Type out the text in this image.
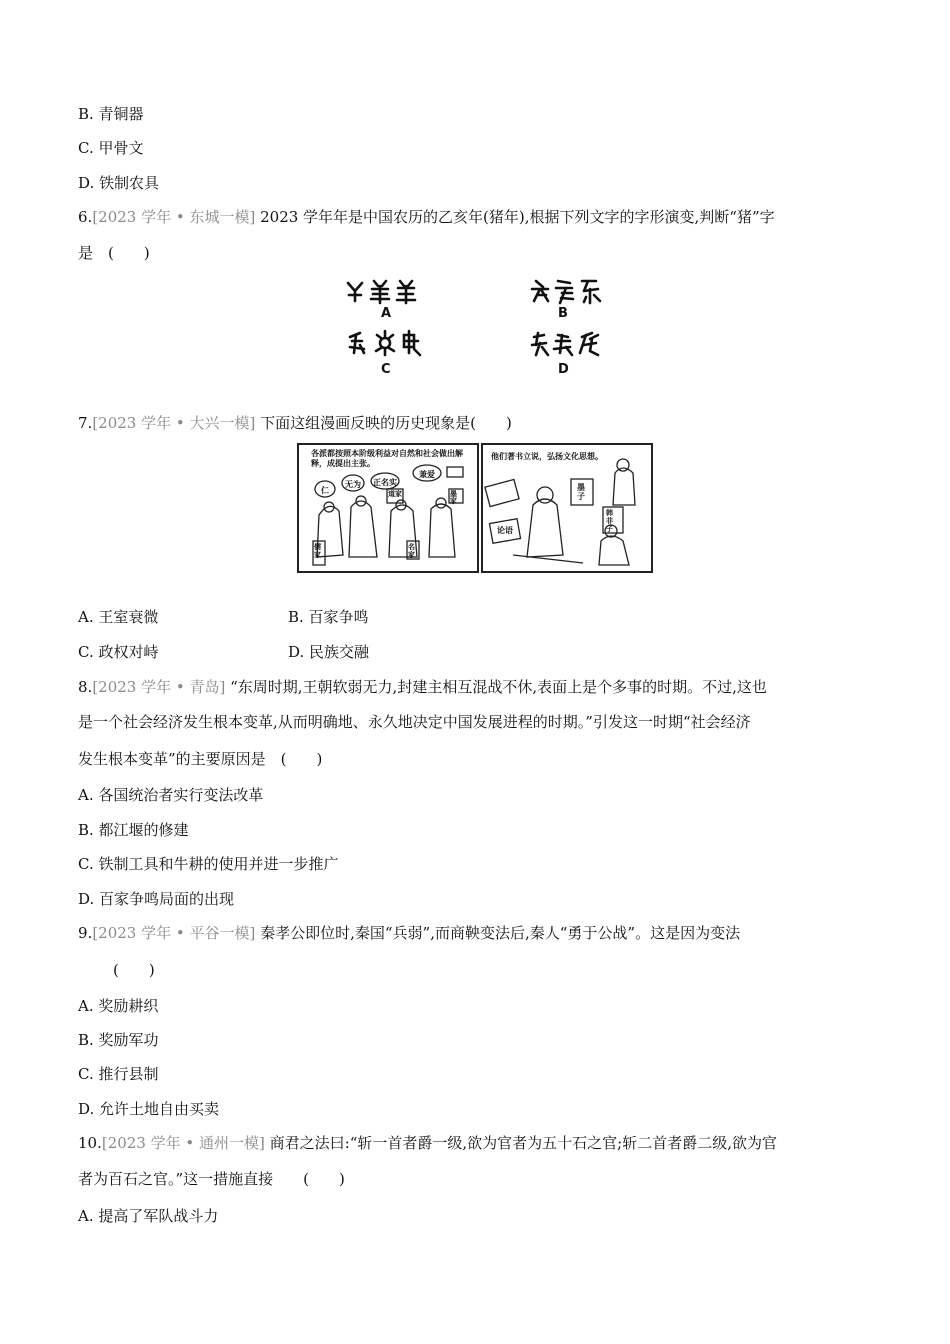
B. 青铜器
C. 甲骨文
D. 铁制农具
6.[2023 学年 • 东城一模] 2023 学年年是中国农历的乙亥年(猪年),根据下列文字的字形演变,判断“猪”字
是　(　　)
A	B
C	D
7.[2023 学年 • 大兴一模] 下面这组漫画反映的历史现象是(　　)
各派都按照本阶级利益对自然和社会做出解释，成提出主张。
仁
无为 正名实
兼爱
道家
儒家
墨家
名家
他们著书立说，弘扬文化思想。
墨子
韩非子
论语
A. 王室衰微	B. 百家争鸣
C. 政权对峙	D. 民族交融
8.[2023 学年 • 青岛] “东周时期,王朝软弱无力,封建主相互混战不休,表面上是个多事的时期。不过,这也
是一个社会经济发生根本变革,从而明确地、永久地决定中国发展进程的时期。”引发这一时期“社会经济
发生根本变革”的主要原因是　(　　)
A. 各国统治者实行变法改革
B. 都江堰的修建
C. 铁制工具和牛耕的使用并进一步推广
D. 百家争鸣局面的出现
9.[2023 学年 • 平谷一模] 秦孝公即位时,秦国“兵弱”,而商鞅变法后,秦人“勇于公战”。这是因为变法
(　　)
A. 奖励耕织
B. 奖励军功
C. 推行县制
D. 允许土地自由买卖
10.[2023 学年 • 通州一模] 商君之法曰:“斩一首者爵一级,欲为官者为五十石之官;斩二首者爵二级,欲为官
者为百石之官。”这一措施直接　　(　　)
A. 提高了军队战斗力
